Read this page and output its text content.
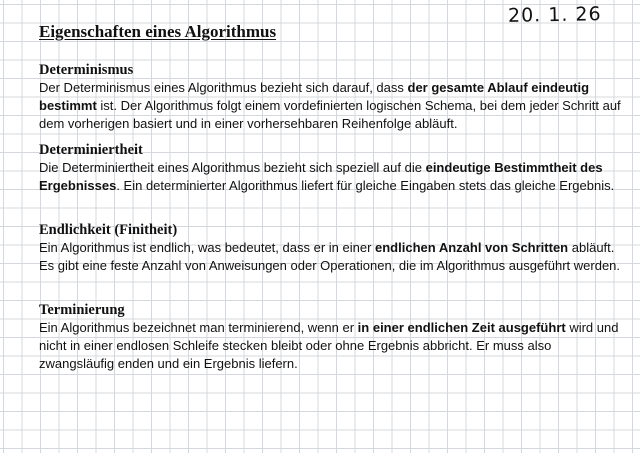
20. 1. 26
Eigenschaften eines Algorithmus
Determinismus

Der Determinismus eines Algorithmus bezieht sich darauf, dass der gesamte Ablauf eindeutig bestimmt ist. Der Algorithmus folgt einem vordefinierten logischen Schema, bei dem jeder Schritt auf dem vorherigen basiert und in einer vorhersehbaren Reihenfolge abläuft.

Determiniertheit

Die Determiniertheit eines Algorithmus bezieht sich speziell auf die eindeutige Bestimmtheit des Ergebnisses. Ein determinierter Algorithmus liefert für gleiche Eingaben stets das gleiche Ergebnis.

Endlichkeit (Finitheit)

Ein Algorithmus ist endlich, was bedeutet, dass er in einer endlichen Anzahl von Schritten abläuft. Es gibt eine feste Anzahl von Anweisungen oder Operationen, die im Algorithmus ausgeführt werden.

Terminierung

Ein Algorithmus bezeichnet man terminierend, wenn er in einer endlichen Zeit ausgeführt wird und nicht in einer endlosen Schleife stecken bleibt oder ohne Ergebnis abbricht. Er muss also zwangsläufig enden und ein Ergebnis liefern.
